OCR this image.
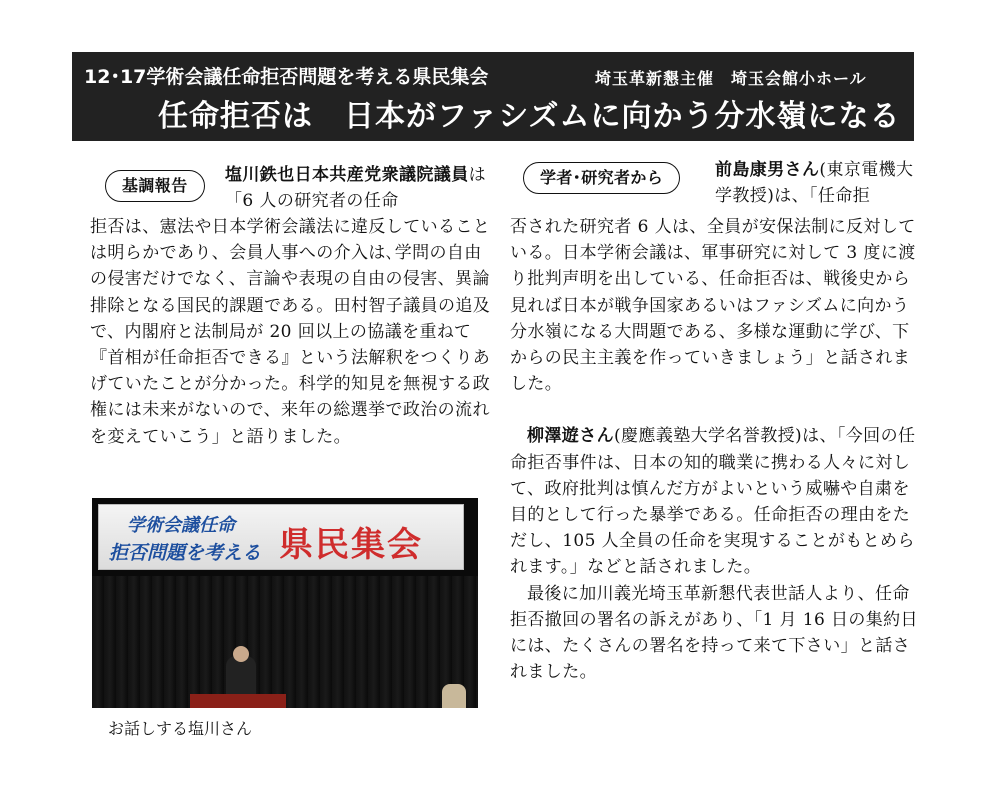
12･17学術会議任命拒否問題を考える県民集会	埼玉革新懇主催　埼玉会館小ホール
任命拒否は　日本がファシズムに向かう分水嶺になる
基調報告
塩川鉄也日本共産党衆議院議員は「6 人の研究者の任命

拒否は、憲法や日本学術会議法に違反していることは明らかであり、会員人事への介入は､学問の自由の侵害だけでなく、言論や表現の自由の侵害、異論排除となる国民的課題である。田村智子議員の追及で、内閣府と法制局が 20 回以上の協議を重ねて『首相が任命拒否できる』という法解釈をつくりあげていたことが分かった。科学的知見を無視する政権には未来がないので、来年の総選挙で政治の流れを変えていこう」と語りました。

学術会議任命
拒否問題を考える 県民集会
お話しする塩川さん
学者･研究者から	前島康男さん(東京電機大学教授)は、「任命拒

否された研究者 6 人は、全員が安保法制に反対している。日本学術会議は、軍事研究に対して 3 度に渡り批判声明を出している、任命拒否は、戦後史から見れば日本が戦争国家あるいはファシズムに向かう分水嶺になる大問題である、多様な運動に学び、下からの民主主義を作っていきましょう」と話されました。

柳澤遊さん(慶應義塾大学名誉教授)は、「今回の任命拒否事件は、日本の知的職業に携わる人々に対して、政府批判は慎んだ方がよいという威嚇や自粛を目的として行った暴挙である。任命拒否の理由をただし、105 人全員の任命を実現することがもとめられます。」などと話されました。

最後に加川義光埼玉革新懇代表世話人より、任命拒否撤回の署名の訴えがあり、「1 月 16 日の集約日には、たくさんの署名を持って来て下さい」と話されました。
